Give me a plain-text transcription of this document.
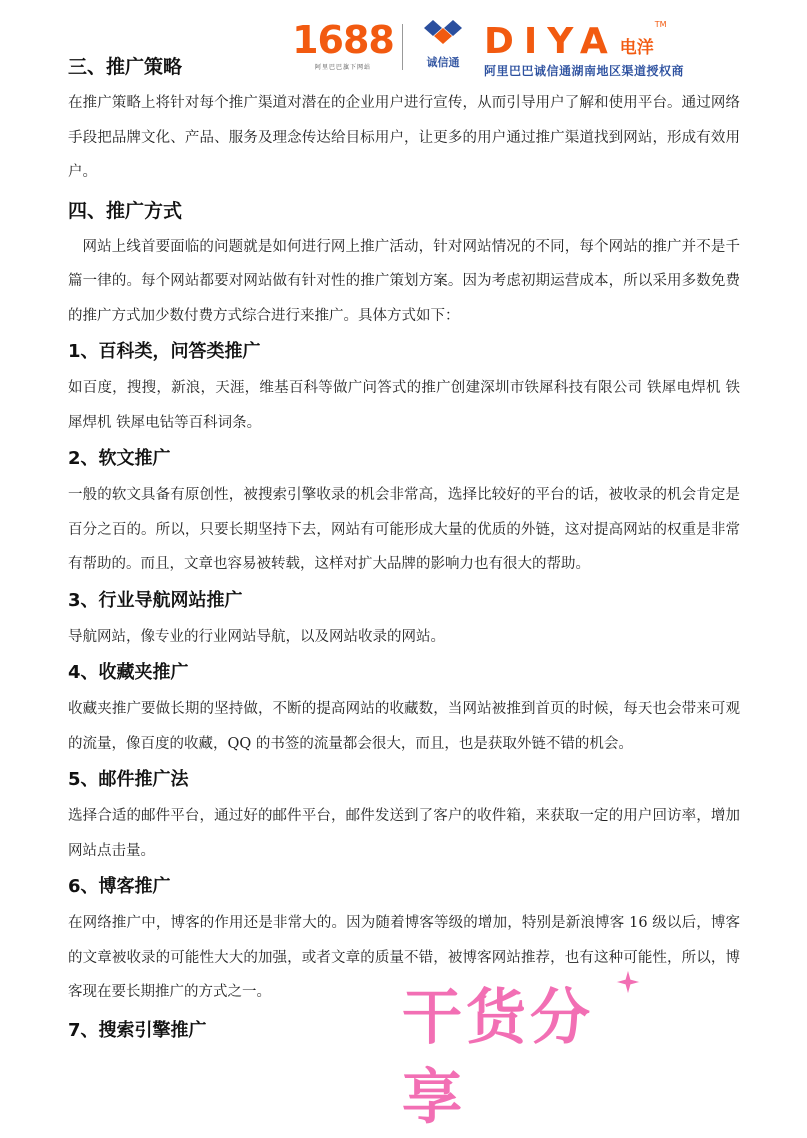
1688
阿里巴巴旗下网站	诚信通
DIYA 电洋
TM
阿里巴巴诚信通湖南地区渠道授权商
三、推广策略

在推广策略上将针对每个推广渠道对潜在的企业用户进行宣传，从而引导用户了解和使用平台。通过网络手段把品牌文化、产品、服务及理念传达给目标用户，让更多的用户通过推广渠道找到网站，形成有效用户。

四、推广方式

网站上线首要面临的问题就是如何进行网上推广活动，针对网站情况的不同，每个网站的推广并不是千篇一律的。每个网站都要对网站做有针对性的推广策划方案。因为考虑初期运营成本，所以采用多数免费的推广方式加少数付费方式综合进行来推广。具体方式如下：

1、百科类，问答类推广

如百度，搜搜，新浪，天涯，维基百科等做广问答式的推广创建深圳市铁犀科技有限公司 铁犀电焊机 铁犀焊机 铁犀电钻等百科词条。

2、软文推广

一般的软文具备有原创性，被搜索引擎收录的机会非常高，选择比较好的平台的话，被收录的机会肯定是百分之百的。所以，只要长期坚持下去，网站有可能形成大量的优质的外链，这对提高网站的权重是非常有帮助的。而且，文章也容易被转载，这样对扩大品牌的影响力也有很大的帮助。

3、行业导航网站推广

导航网站，像专业的行业网站导航，以及网站收录的网站。

4、收藏夹推广

收藏夹推广要做长期的坚持做，不断的提高网站的收藏数，当网站被推到首页的时候，每天也会带来可观的流量，像百度的收藏，QQ 的书签的流量都会很大，而且，也是获取外链不错的机会。

5、邮件推广法

选择合适的邮件平台，通过好的邮件平台，邮件发送到了客户的收件箱，来获取一定的用户回访率，增加网站点击量。

6、博客推广

在网络推广中，博客的作用还是非常大的。因为随着博客等级的增加，特别是新浪博客 16 级以后，博客的文章被收录的可能性大大的加强，或者文章的质量不错，被博客网站推荐，也有这种可能性，所以，博客现在要长期推广的方式之一。

7、搜索引擎推广	干货分享
